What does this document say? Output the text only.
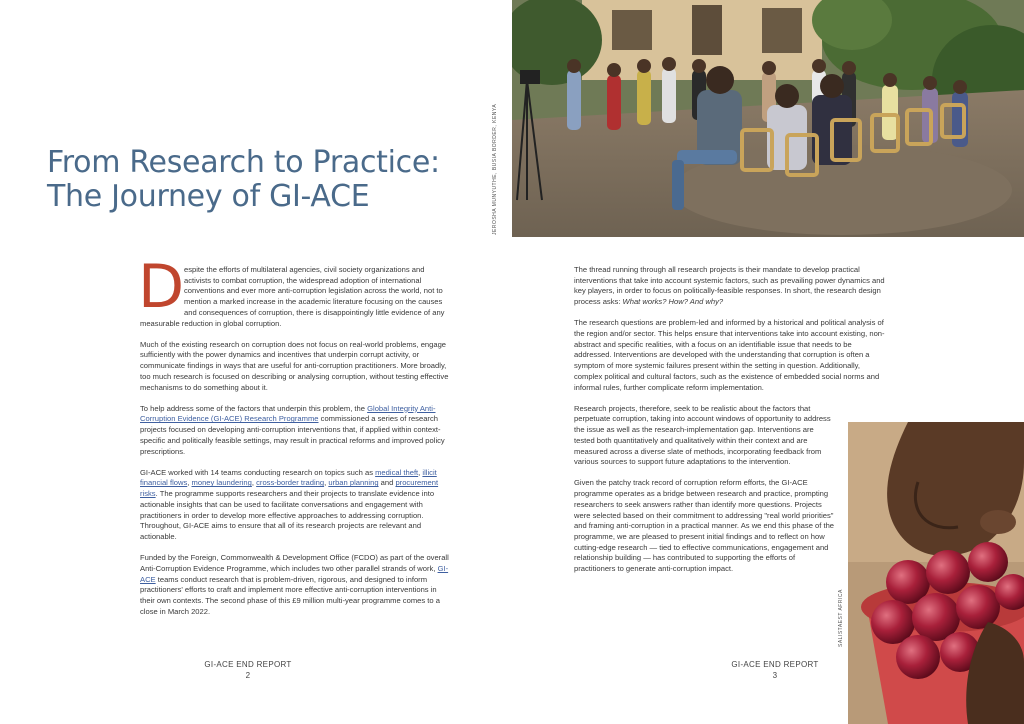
From Research to Practice:
The Journey of GI-ACE	JEROSHA MUNYUTHE, BUSIA BORDER, KENYA
D espite the efforts of multilateral agencies, civil society organizations and activists to combat corruption, the widespread adoption of international conventions and ever more anti-corruption legislation across the world, not to mention a marked increase in the academic literature focusing on the causes and consequences of corruption, there is disappointingly little evidence of any measurable reduction in global corruption.

Much of the existing research on corruption does not focus on real-world problems, engage sufficiently with the power dynamics and incentives that underpin corrupt activity, or communicate findings in ways that are useful for anti-corruption practitioners. More broadly, too much research is focused on describing or analysing corruption, without testing effective mechanisms to do something about it.

To help address some of the factors that underpin this problem, the Global Integrity Anti-Corruption Evidence (GI-ACE) Research Programme commissioned a series of research projects focused on developing anti-corruption interventions that, if applied within context-specific and politically feasible settings, may result in practical reforms and improved policy prescriptions.

GI-ACE worked with 14 teams conducting research on topics such as medical theft, illicit financial flows, money laundering, cross-border trading, urban planning and procurement risks. The programme supports researchers and their projects to translate evidence into actionable insights that can be used to facilitate conversations and engagement with practitioners in order to develop more effective approaches to addressing corruption. Throughout, GI-ACE aims to ensure that all of its research projects are relevant and actionable.

Funded by the Foreign, Commonwealth & Development Office (FCDO) as part of the overall Anti-Corruption Evidence Programme, which includes two other parallel strands of work, GI-ACE teams conduct research that is problem-driven, rigorous, and designed to inform practitioners' efforts to craft and implement more effective anti-corruption interventions in their own contexts. The second phase of this £9 million multi-year programme comes to a close in March 2022.

The thread running through all research projects is their mandate to develop practical interventions that take into account systemic factors, such as prevailing power dynamics and key players, in order to focus on politically-feasible responses. In short, the research design process asks: What works? How? And why?

The research questions are problem-led and informed by a historical and political analysis of the region and/or sector. This helps ensure that interventions take into account existing, non-abstract and specific realities, with a focus on an identifiable issue that needs to be addressed. Interventions are developed with the understanding that corruption is often a symptom of more systemic failures present within the setting in question. Additionally, complex political and cultural factors, such as the existence of embedded social norms and informal rules, further complicate reform implementation.

Research projects, therefore, seek to be realistic about the factors that perpetuate corruption, taking into account windows of opportunity to address the issue as well as the research-implementation gap. Interventions are tested both quantitatively and qualitatively within their context and are measured across a diverse slate of methods, incorporating feedback from various sources to support future adaptations to the intervention.

Given the patchy track record of corruption reform efforts, the GI-ACE programme operates as a bridge between research and practice, prompting researchers to seek answers rather than identify more questions. Projects were selected based on their commitment to addressing "real world priorities" and framing anti-corruption in a practical manner. As we end this phase of the programme, we are pleased to present initial findings and to reflect on how cutting-edge research — tied to effective communications, engagement and relationship building — has contributed to supporting the efforts of practitioners to generate anti-corruption impact.

SALISTAEST AFRICA
GI-ACE END REPORT
2
GI-ACE END REPORT
3
